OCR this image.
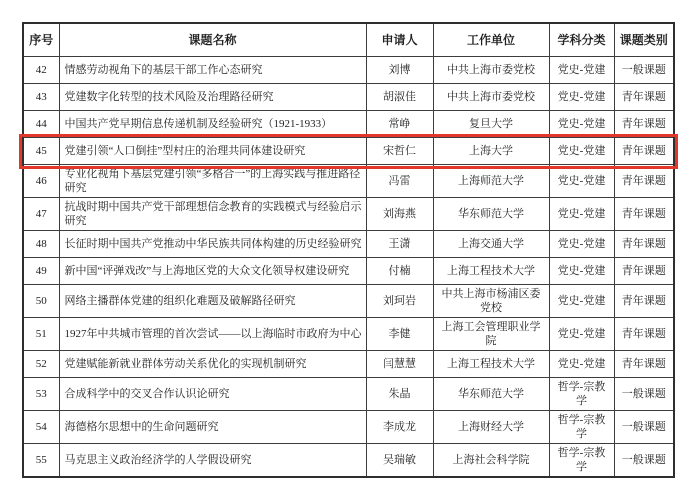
序号	课题名称	申请人	工作单位	学科分类	课题类别
42	情感劳动视角下的基层干部工作心态研究	刘博	中共上海市委党校	党史-党建	一般课题
43	党建数字化转型的技术风险及治理路径研究	胡淑佳	中共上海市委党校	党史-党建	青年课题
44	中国共产党早期信息传递机制及经验研究（1921-1933）	常峥	复旦大学	党史-党建	青年课题
45	党建引领“人口倒挂”型村庄的治理共同体建设研究	宋哲仁	上海大学	党史-党建	青年课题
46	专业化视角下基层党建引领“多格合一”的上海实践与推进路径研究	冯雷	上海师范大学	党史-党建	青年课题
47	抗战时期中国共产党干部理想信念教育的实践模式与经验启示研究	刘海燕	华东师范大学	党史-党建	青年课题
48	长征时期中国共产党推动中华民族共同体构建的历史经验研究	王潇	上海交通大学	党史-党建	青年课题
49	新中国“评弹戏改”与上海地区党的大众文化领导权建设研究	付楠	上海工程技术大学	党史-党建	青年课题
50	网络主播群体党建的组织化难题及破解路径研究	刘珂岩	中共上海市杨浦区委党校	党史-党建	青年课题
51	1927年中共城市管理的首次尝试——以上海临时市政府为中心	李健	上海工会管理职业学院	党史-党建	青年课题
52	党建赋能新就业群体劳动关系优化的实现机制研究	闫慧慧	上海工程技术大学	党史-党建	青年课题
53	合成科学中的交叉合作认识论研究	朱晶	华东师范大学	哲学-宗教学	一般课题
54	海德格尔思想中的生命问题研究	李成龙	上海财经大学	哲学-宗教学	一般课题
55	马克思主义政治经济学的人学假设研究	吴瑞敏	上海社会科学院	哲学-宗教学	一般课题
